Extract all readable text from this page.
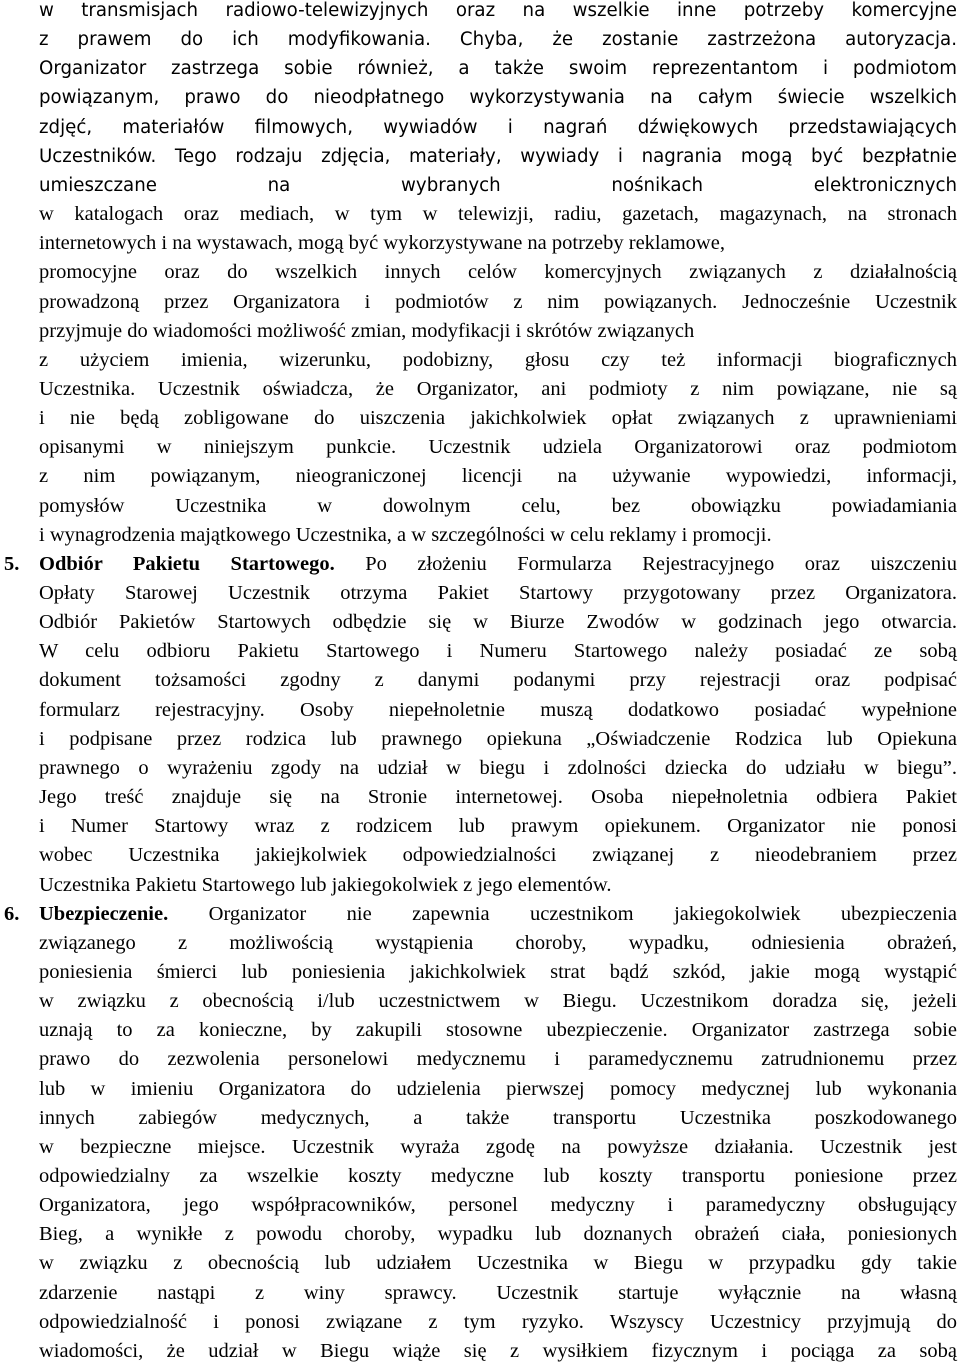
w transmisjach radiowo-telewizyjnych oraz na wszelkie inne potrzeby komercyjne
z prawem do ich modyfikowania. Chyba, że zostanie zastrzeżona autoryzacja.
Organizator zastrzega sobie również, a także swoim reprezentantom i podmiotom
powiązanym, prawo do nieodpłatnego wykorzystywania na całym świecie wszelkich
zdjęć, materiałów filmowych, wywiadów i nagrań dźwiękowych przedstawiających
Uczestników. Tego rodzaju zdjęcia, materiały, wywiady i nagrania mogą być bezpłatnie
umieszczane na wybranych nośnikach elektronicznych
w katalogach oraz mediach, w tym w telewizji, radiu, gazetach, magazynach, na stronach
internetowych i na wystawach, mogą być wykorzystywane na potrzeby reklamowe,
promocyjne oraz do wszelkich innych celów komercyjnych związanych z działalnością
prowadzoną przez Organizatora i podmiotów z nim powiązanych. Jednocześnie Uczestnik
przyjmuje do wiadomości możliwość zmian, modyfikacji i skrótów związanych
z użyciem imienia, wizerunku, podobizny, głosu czy też informacji biograficznych
Uczestnika. Uczestnik oświadcza, że Organizator, ani podmioty z nim powiązane, nie są
i nie będą zobligowane do uiszczenia jakichkolwiek opłat związanych z uprawnieniami
opisanymi w niniejszym punkcie. Uczestnik udziela Organizatorowi oraz podmiotom
z nim powiązanym, nieograniczonej licencji na używanie wypowiedzi, informacji,
pomysłów Uczestnika w dowolnym celu, bez obowiązku powiadamiania
i wynagrodzenia majątkowego Uczestnika, a w szczególności w celu reklamy i promocji.
5. Odbiór Pakietu Startowego. Po złożeniu Formularza Rejestracyjnego oraz uiszczeniu
Opłaty Starowej Uczestnik otrzyma Pakiet Startowy przygotowany przez Organizatora.
Odbiór Pakietów Startowych odbędzie się w Biurze Zwodów w godzinach jego otwarcia.
W celu odbioru Pakietu Startowego i Numeru Startowego należy posiadać ze sobą
dokument tożsamości zgodny z danymi podanymi przy rejestracji oraz podpisać
formularz rejestracyjny. Osoby niepełnoletnie muszą dodatkowo posiadać wypełnione
i podpisane przez rodzica lub prawnego opiekuna „Oświadczenie Rodzica lub Opiekuna
prawnego o wyrażeniu zgody na udział w biegu i zdolności dziecka do udziału w biegu”.
Jego treść znajduje się na Stronie internetowej. Osoba niepełnoletnia odbiera Pakiet
i Numer Startowy wraz z rodzicem lub prawym opiekunem. Organizator nie ponosi
wobec Uczestnika jakiejkolwiek odpowiedzialności związanej z nieodebraniem przez
Uczestnika Pakietu Startowego lub jakiegokolwiek z jego elementów.
6. Ubezpieczenie. Organizator nie zapewnia uczestnikom jakiegokolwiek ubezpieczenia
związanego z możliwością wystąpienia choroby, wypadku, odniesienia obrażeń,
poniesienia śmierci lub poniesienia jakichkolwiek strat bądź szkód, jakie mogą wystąpić
w związku z obecnością i/lub uczestnictwem w Biegu. Uczestnikom doradza się, jeżeli
uznają to za konieczne, by zakupili stosowne ubezpieczenie. Organizator zastrzega sobie
prawo do zezwolenia personelowi medycznemu i paramedycznemu zatrudnionemu przez
lub w imieniu Organizatora do udzielenia pierwszej pomocy medycznej lub wykonania
innych zabiegów medycznych, a także transportu Uczestnika poszkodowanego
w bezpieczne miejsce. Uczestnik wyraża zgodę na powyższe działania. Uczestnik jest
odpowiedzialny za wszelkie koszty medyczne lub koszty transportu poniesione przez
Organizatora, jego współpracowników, personel medyczny i paramedyczny obsługujący
Bieg, a wynikłe z powodu choroby, wypadku lub doznanych obrażeń ciała, poniesionych
w związku z obecnością lub udziałem Uczestnika w Biegu w przypadku gdy takie
zdarzenie nastąpi z winy sprawcy. Uczestnik startuje wyłącznie na własną
odpowiedzialność i ponosi związane z tym ryzyko. Wszyscy Uczestnicy przyjmują do
wiadomości, że udział w Biegu wiąże się z wysiłkiem fizycznym i pociąga za sobą
